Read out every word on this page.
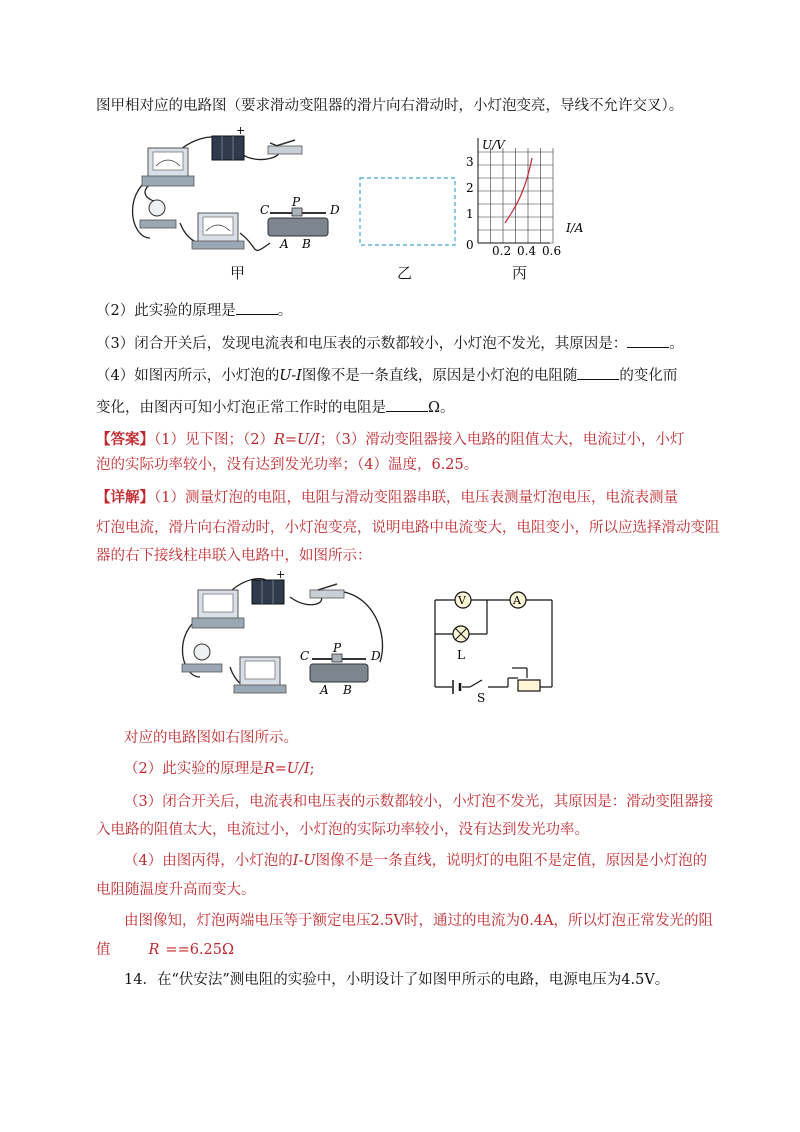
图甲相对应的电路图（要求滑动变阻器的滑片向右滑动时，小灯泡变亮，导线不允许交叉）。
+
C
P
D
A B
U/V
I/A
3
2
1
0 0.2 0.4 0.6
甲	乙	丙
（2）此实验的原理是	。
（3）闭合开关后，发现电流表和电压表的示数都较小，小灯泡不发光，其原因是：	。
（4）如图丙所示，小灯泡的U-I图像不是一条直线，原因是小灯泡的电阻随	的变化而
变化，由图丙可知小灯泡正常工作时的电阻是	Ω。
【答案】（1）见下图；（2）R=U/I；（3）滑动变阻器接入电路的阻值太大，电流过小，小灯
泡的实际功率较小，没有达到发光功率；（4）温度，6.25。
【详解】（1）测量灯泡的电阻，电阻与滑动变阻器串联，电压表测量灯泡电压，电流表测量
灯泡电流，滑片向右滑动时，小灯泡变亮，说明电路中电流变大，电阻变小，所以应选择滑动变阻
器的右下接线柱串联入电路中，如图所示：
+
C
P
D
A B
V	A
L
S
对应的电路图如右图所示。
（2）此实验的原理是R=U/I;
（3）闭合开关后，电流表和电压表的示数都较小，小灯泡不发光，其原因是：滑动变阻器接
入电路的阻值太大，电流过小，小灯泡的实际功率较小，没有达到发光功率。
（4）由图丙得，小灯泡的I-U图像不是一条直线，说明灯的电阻不是定值，原因是小灯泡的
电阻随温度升高而变大。
由图像知，灯泡两端电压等于额定电压2.5V时，通过的电流为0.4A，所以灯泡正常发光的阻
值	R ==6.25Ω
14．在“伏安法”测电阻的实验中，小明设计了如图甲所示的电路，电源电压为4.5V。
